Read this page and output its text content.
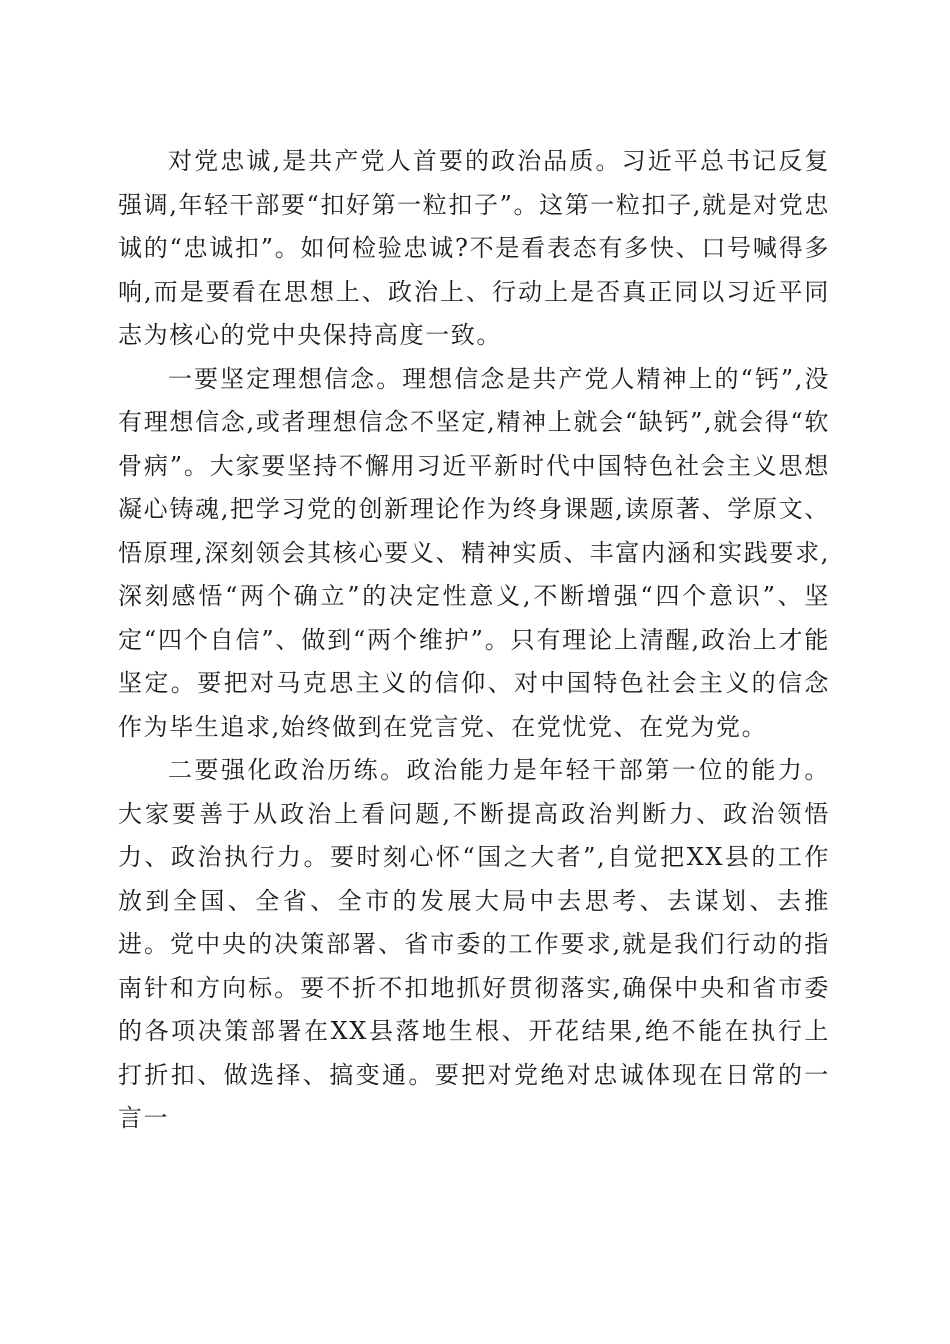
对党忠诚,是共产党人首要的政治品质。习近平总书记反复强调,年轻干部要“扣好第一粒扣子”。这第一粒扣子,就是对党忠诚的“忠诚扣”。如何检验忠诚?不是看表态有多快、口号喊得多响,而是要看在思想上、政治上、行动上是否真正同以习近平同志为核心的党中央保持高度一致。

一要坚定理想信念。理想信念是共产党人精神上的“钙”,没有理想信念,或者理想信念不坚定,精神上就会“缺钙”,就会得“软骨病”。大家要坚持不懈用习近平新时代中国特色社会主义思想凝心铸魂,把学习党的创新理论作为终身课题,读原著、学原文、悟原理,深刻领会其核心要义、精神实质、丰富内涵和实践要求,深刻感悟“两个确立”的决定性意义,不断增强“四个意识”、坚定“四个自信”、做到“两个维护”。只有理论上清醒,政治上才能坚定。要把对马克思主义的信仰、对中国特色社会主义的信念作为毕生追求,始终做到在党言党、在党忧党、在党为党。

二要强化政治历练。政治能力是年轻干部第一位的能力。大家要善于从政治上看问题,不断提高政治判断力、政治领悟力、政治执行力。要时刻心怀“国之大者”,自觉把XX县的工作放到全国、全省、全市的发展大局中去思考、去谋划、去推进。党中央的决策部署、省市委的工作要求,就是我们行动的指南针和方向标。要不折不扣地抓好贯彻落实,确保中央和省市委的各项决策部署在XX县落地生根、开花结果,绝不能在执行上打折扣、做选择、搞变通。要把对党绝对忠诚体现在日常的一言一
